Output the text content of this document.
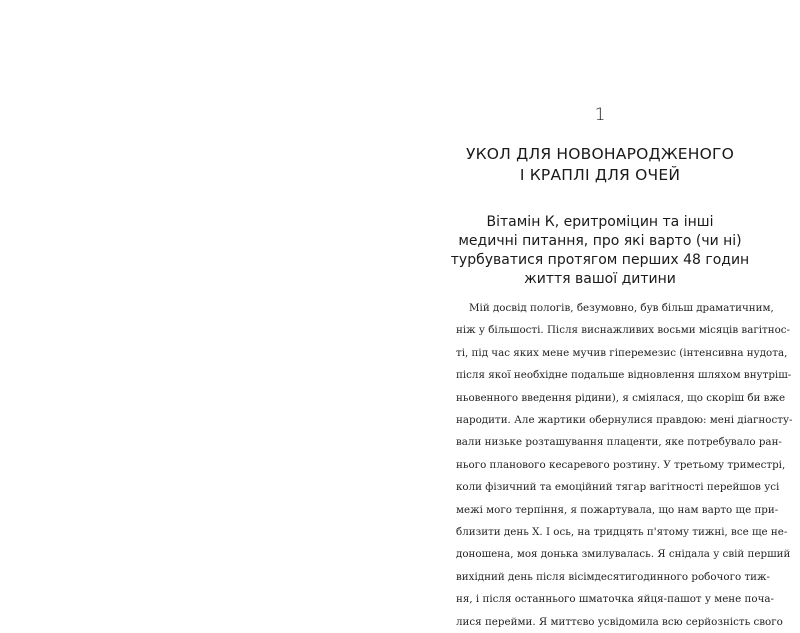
1
УКОЛ ДЛЯ НОВОНАРОДЖЕНОГО
І КРАПЛІ ДЛЯ ОЧЕЙ
Вітамін К, еритроміцин та інші
медичні питання, про які варто (чи ні)
турбуватися протягом перших 48 годин
життя вашої дитини
Мій досвід пологів, безумовно, був більш драматичним,
ніж у більшості. Після виснажливих восьми місяців вагітнос-
ті, під час яких мене мучив гіперемезис (інтенсивна нудота,
після якої необхідне подальше відновлення шляхом внутріш-
ньовенного введення рідини), я сміялася, що скоріш би вже
народити. Але жартики обернулися правдою: мені діагносту-
вали низьке розташування плаценти, яке потребувало ран-
нього планового кесаревого розтину. У третьому триместрі,
коли фізичний та емоційний тягар вагітності перейшов усі
межі мого терпіння, я пожартувала, що нам варто ще при-
близити день Х. І ось, на тридцять п'ятому тижні, все ще не-
доношена, моя донька змилувалась. Я снідала у свій перший
вихідний день після вісімдесятигодинного робочого тиж-
ня, і після останнього шматочка яйця-пашот у мене поча-
лися перейми. Я миттєво усвідомила всю серйозність свого
